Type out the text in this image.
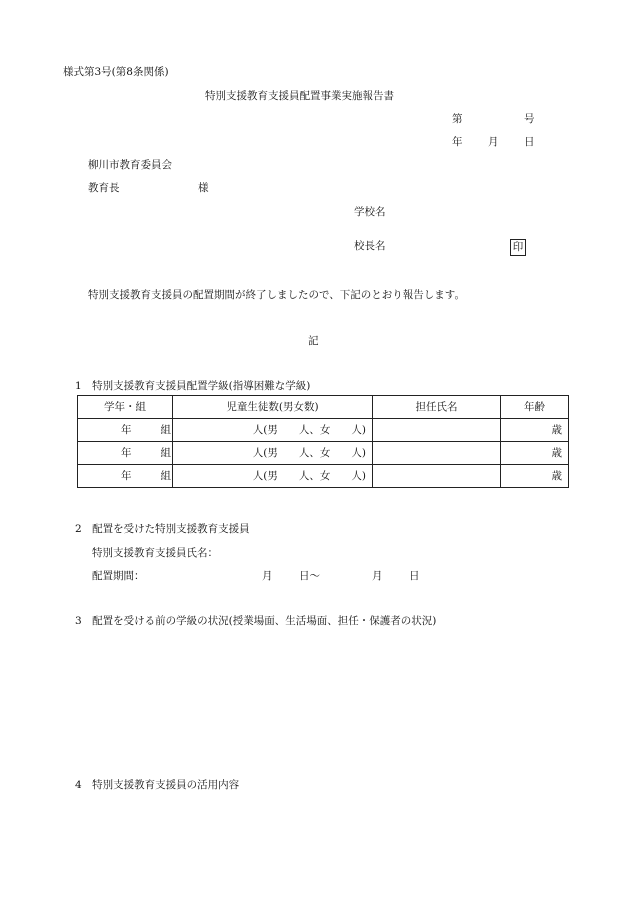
様式第3号(第8条関係)
特別支援教育支援員配置事業実施報告書
第	号
年 月 日
柳川市教育委員会
教育長	様
学校名
校長名	印
特別支援教育支援員の配置期間が終了しましたので、下記のとおり報告します。
記
1　特別支援教育支援員配置学級(指導困難な学級)
学年・組	児童生徒数(男女数)	担任氏名	年齢
年 組	人(男　　人、女　　人)		歳
年 組	人(男　　人、女　　人)		歳
年 組	人(男　　人、女　　人)		歳
2　配置を受けた特別支援教育支援員
特別支援教育支援員氏名：
配置期間：	月	日〜	月	日
3　配置を受ける前の学級の状況(授業場面、生活場面、担任・保護者の状況)
4　特別支援教育支援員の活用内容
